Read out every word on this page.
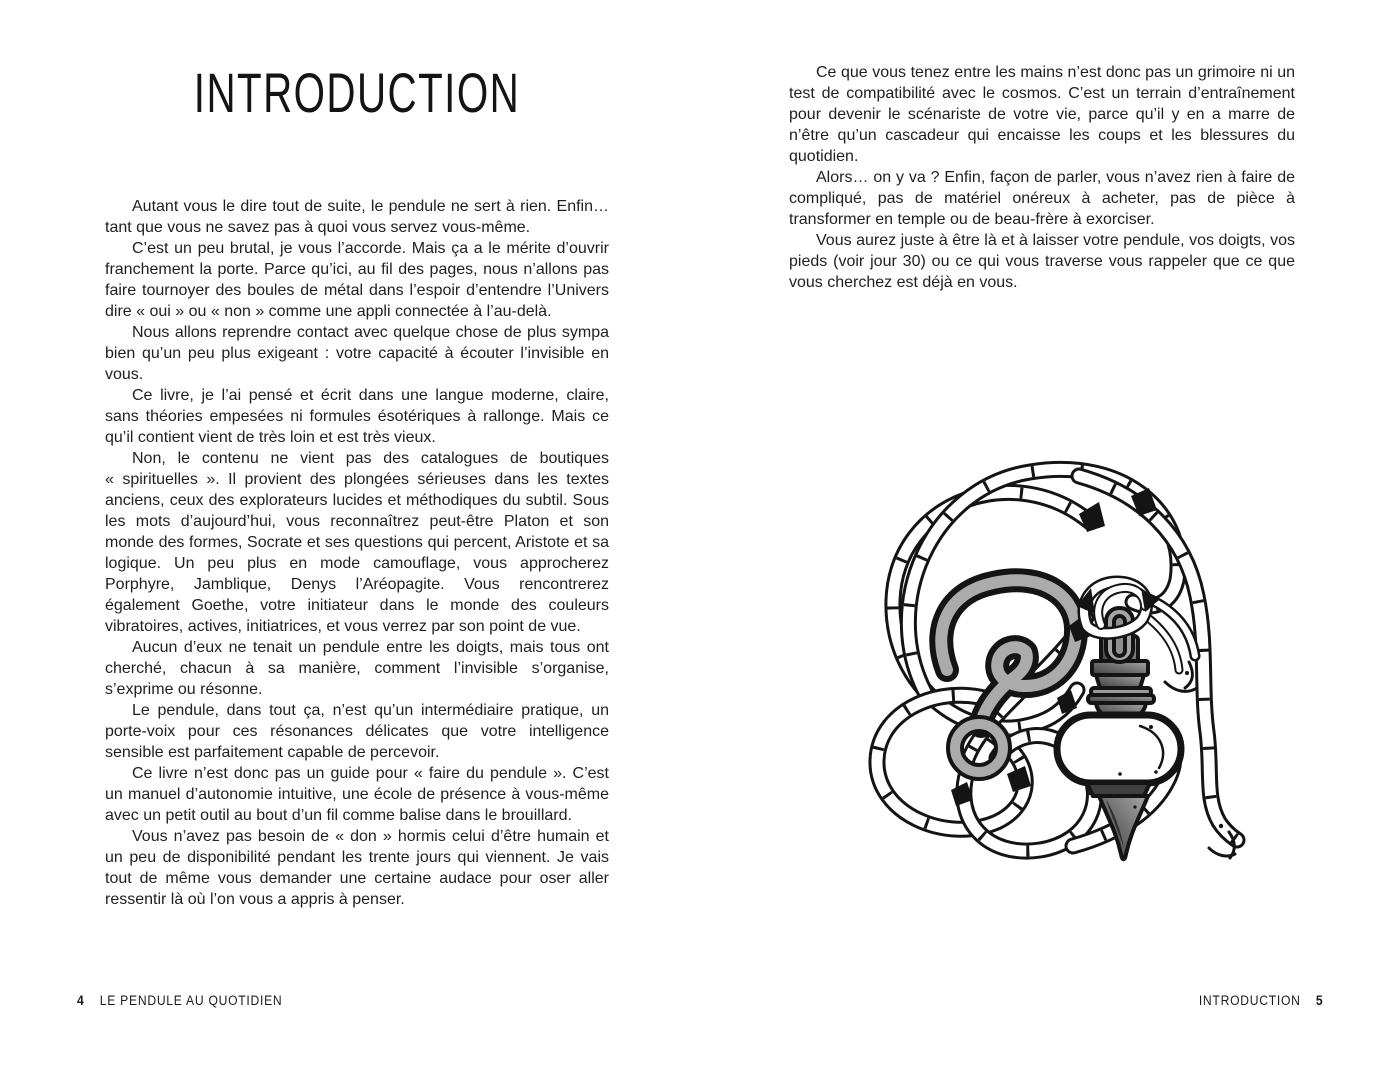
INTRODUCTION

Autant vous le dire tout de suite, le pendule ne sert à rien. Enfin… tant que vous ne savez pas à quoi vous servez vous-même.

C’est un peu brutal, je vous l’accorde. Mais ça a le mérite d’ouvrir franchement la porte. Parce qu’ici, au fil des pages, nous n’allons pas faire tournoyer des boules de métal dans l’espoir d’entendre l’Univers dire « oui » ou « non » comme une appli connectée à l’au-delà.

Nous allons reprendre contact avec quelque chose de plus sympa bien qu’un peu plus exigeant : votre capacité à écouter l’invisible en vous.

Ce livre, je l’ai pensé et écrit dans une langue moderne, claire, sans théories empesées ni formules ésotériques à rallonge. Mais ce qu’il contient vient de très loin et est très vieux.

Non, le contenu ne vient pas des catalogues de boutiques « spirituelles ». Il provient des plongées sérieuses dans les textes anciens, ceux des explorateurs lucides et méthodiques du subtil. Sous les mots d’aujourd’hui, vous reconnaîtrez peut-être Platon et son monde des formes, Socrate et ses questions qui percent, Aristote et sa logique. Un peu plus en mode camouflage, vous approcherez Porphyre, Jamblique, Denys l’Aréopagite. Vous rencontrerez également Goethe, votre initiateur dans le monde des couleurs vibratoires, actives, initiatrices, et vous verrez par son point de vue.

Aucun d’eux ne tenait un pendule entre les doigts, mais tous ont cherché, chacun à sa manière, comment l’invisible s’organise, s’exprime ou résonne.

Le pendule, dans tout ça, n’est qu’un intermédiaire pratique, un porte-voix pour ces résonances délicates que votre intelligence sensible est parfaitement capable de percevoir.

Ce livre n’est donc pas un guide pour « faire du pendule ». C’est un manuel d’autonomie intuitive, une école de présence à vous-même avec un petit outil au bout d’un fil comme balise dans le brouillard.

Vous n’avez pas besoin de « don » hormis celui d’être humain et un peu de disponibilité pendant les trente jours qui viennent. Je vais tout de même vous demander une certaine audace pour oser aller ressentir là où l’on vous a appris à penser.

4 LE PENDULE AU QUOTIDIEN

Ce que vous tenez entre les mains n’est donc pas un grimoire ni un test de compatibilité avec le cosmos. C’est un terrain d’entraînement pour devenir le scénariste de votre vie, parce qu’il y en a marre de n’être qu’un cascadeur qui encaisse les coups et les blessures du quotidien.

Alors… on y va ? Enfin, façon de parler, vous n’avez rien à faire de compliqué, pas de matériel onéreux à acheter, pas de pièce à transformer en temple ou de beau-frère à exorciser.

Vous aurez juste à être là et à laisser votre pendule, vos doigts, vos pieds (voir jour 30) ou ce qui vous traverse vous rappeler que ce que vous cherchez est déjà en vous.

INTRODUCTION 5
